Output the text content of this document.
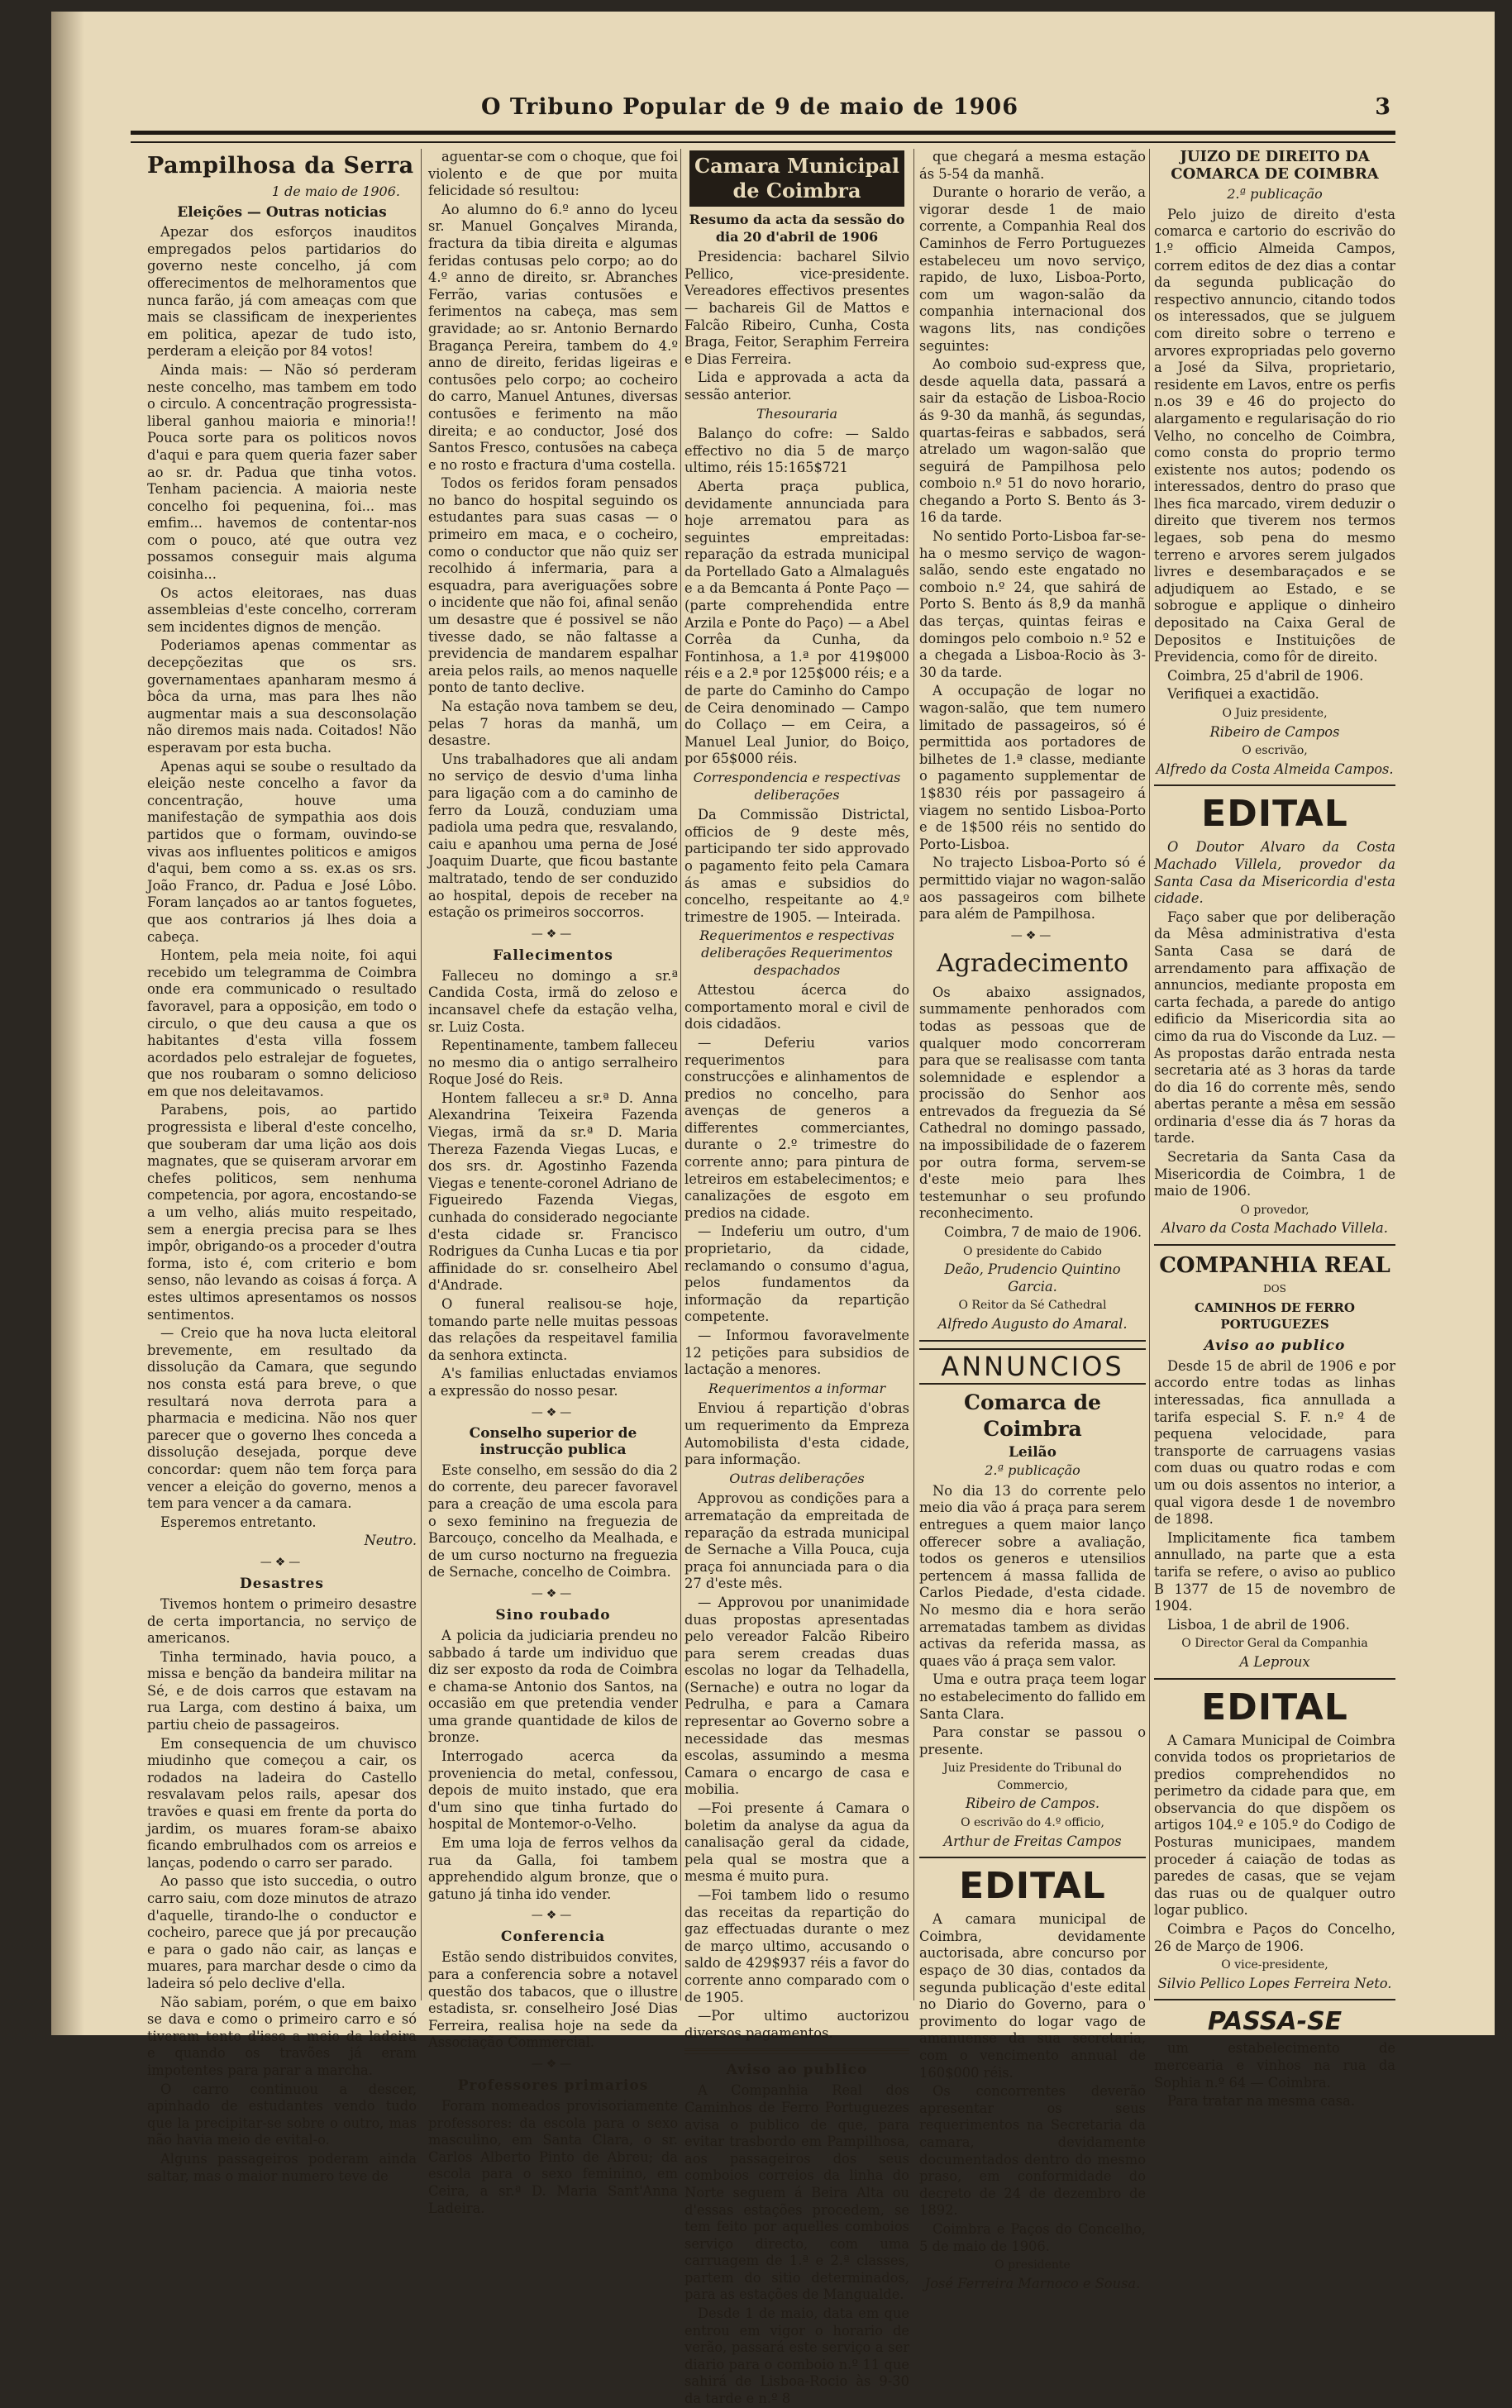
O Tribuno Popular de 9 de maio de 1906	3
Pampilhosa da Serra
1 de maio de 1906.
Eleições — Outras noticias

Apezar dos esforços inauditos empregados pelos partidarios do governo neste concelho, já com offerecimentos de melhoramentos que nunca farão, já com ameaças com que mais se classificam de inexperientes em politica, apezar de tudo isto, perderam a eleição por 84 votos!

Ainda mais: — Não só perderam neste concelho, mas tambem em todo o circulo. A concentração progressista-liberal ganhou maioria e minoria!! Pouca sorte para os politicos novos d'aqui e para quem queria fazer saber ao sr. dr. Padua que tinha votos. Tenham paciencia. A maioria neste concelho foi pequenina, foi... mas emfim... havemos de contentar-nos com o pouco, até que outra vez possamos conseguir mais alguma coisinha...

Os actos eleitoraes, nas duas assembleias d'este concelho, correram sem incidentes dignos de menção.

Poderiamos apenas commentar as decepçõezitas que os srs. governamentaes apanharam mesmo á bôca da urna, mas para lhes não augmentar mais a sua desconsolação não diremos mais nada. Coitados! Não esperavam por esta bucha.

Apenas aqui se soube o resultado da eleição neste concelho a favor da concentração, houve uma manifestação de sympathia aos dois partidos que o formam, ouvindo-se vivas aos influentes politicos e amigos d'aqui, bem como a ss. ex.as os srs. João Franco, dr. Padua e José Lôbo. Foram lançados ao ar tantos foguetes, que aos contrarios já lhes doia a cabeça.

Hontem, pela meia noite, foi aqui recebido um telegramma de Coimbra onde era communicado o resultado favoravel, para a opposição, em todo o circulo, o que deu causa a que os habitantes d'esta villa fossem acordados pelo estralejar de foguetes, que nos roubaram o somno delicioso em que nos deleitavamos.

Parabens, pois, ao partido progressista e liberal d'este concelho, que souberam dar uma lição aos dois magnates, que se quiseram arvorar em chefes politicos, sem nenhuma competencia, por agora, encostando-se a um velho, aliás muito respeitado, sem a energia precisa para se lhes impôr, obrigando-os a proceder d'outra forma, isto é, com criterio e bom senso, não levando as coisas á força. A estes ultimos apresentamos os nossos sentimentos.

— Creio que ha nova lucta eleitoral brevemente, em resultado da dissolução da Camara, que segundo nos consta está para breve, o que resultará nova derrota para a pharmacia e medicina. Não nos quer parecer que o governo lhes conceda a dissolução desejada, porque deve concordar: quem não tem força para vencer a eleição do governo, menos a tem para vencer a da camara.

Esperemos entretanto.

Neutro.
—❖—
Desastres

Tivemos hontem o primeiro desastre de certa importancia, no serviço de americanos.

Tinha terminado, havia pouco, a missa e benção da bandeira militar na Sé, e de dois carros que estavam na rua Larga, com destino á baixa, um partiu cheio de passageiros.

Em consequencia de um chuvisco miudinho que começou a cair, os rodados na ladeira do Castello resvalavam pelos rails, apesar dos travões e quasi em frente da porta do jardim, os muares foram-se abaixo ficando embrulhados com os arreios e lanças, podendo o carro ser parado.

Ao passo que isto succedia, o outro carro saiu, com doze minutos de atrazo d'aquelle, tirando-lhe o conductor e cocheiro, parece que já por precaução e para o gado não cair, as lanças e muares, para marchar desde o cimo da ladeira só pelo declive d'ella.

Não sabiam, porém, o que em baixo se dava e como o primeiro carro e só tiveram tento d'isso a meio da ladeira e quando os travões já eram impotentes para parar a marcha.

O carro continuou a descer, apinhado de estudantes vendo tudo que la precipitar-se sobre o outro, mas não havia meio de evital-o.

Alguns passageiros poderam ainda saltar, mas o maior numero teve de

aguentar-se com o choque, que foi violento e de que por muita felicidade só resultou:

Ao alumno do 6.º anno do lyceu sr. Manuel Gonçalves Miranda, fractura da tibia direita e algumas feridas contusas pelo corpo; ao do 4.º anno de direito, sr. Abranches Ferrão, varias contusões e ferimentos na cabeça, mas sem gravidade; ao sr. Antonio Bernardo Bragança Pereira, tambem do 4.º anno de direito, feridas ligeiras e contusões pelo corpo; ao cocheiro do carro, Manuel Antunes, diversas contusões e ferimento na mão direita; e ao conductor, José dos Santos Fresco, contusões na cabeça e no rosto e fractura d'uma costella.

Todos os feridos foram pensados no banco do hospital seguindo os estudantes para suas casas — o primeiro em maca, e o cocheiro, como o conductor que não quiz ser recolhido á infermaria, para a esquadra, para averiguações sobre o incidente que não foi, afinal senão um desastre que é possivel se não tivesse dado, se não faltasse a previdencia de mandarem espalhar areia pelos rails, ao menos naquelle ponto de tanto declive.

Na estação nova tambem se deu, pelas 7 horas da manhã, um desastre.

Uns trabalhadores que ali andam no serviço de desvio d'uma linha para ligação com a do caminho de ferro da Louzã, conduziam uma padiola uma pedra que, resvalando, caiu e apanhou uma perna de José Joaquim Duarte, que ficou bastante maltratado, tendo de ser conduzido ao hospital, depois de receber na estação os primeiros soccorros.

—❖—
Fallecimentos

Falleceu no domingo a sr.ª Candida Costa, irmã do zeloso e incansavel chefe da estação velha, sr. Luiz Costa.

Repentinamente, tambem falleceu no mesmo dia o antigo serralheiro Roque José do Reis.

Hontem falleceu a sr.ª D. Anna Alexandrina Teixeira Fazenda Viegas, irmã da sr.ª D. Maria Thereza Fazenda Viegas Lucas, e dos srs. dr. Agostinho Fazenda Viegas e tenente-coronel Adriano de Figueiredo Fazenda Viegas, cunhada do considerado negociante d'esta cidade sr. Francisco Rodrigues da Cunha Lucas e tia por affinidade do sr. conselheiro Abel d'Andrade.

O funeral realisou-se hoje, tomando parte nelle muitas pessoas das relações da respeitavel familia da senhora extincta.

A's familias enluctadas enviamos a expressão do nosso pesar.

—❖—
Conselho superior de instrucção publica

Este conselho, em sessão do dia 2 do corrente, deu parecer favoravel para a creação de uma escola para o sexo feminino na freguezia de Barcouço, concelho da Mealhada, e de um curso nocturno na freguezia de Sernache, concelho de Coimbra.

—❖—
Sino roubado

A policia da judiciaria prendeu no sabbado á tarde um individuo que diz ser exposto da roda de Coimbra e chama-se Antonio dos Santos, na occasião em que pretendia vender uma grande quantidade de kilos de bronze.

Interrogado acerca da proveniencia do metal, confessou, depois de muito instado, que era d'um sino que tinha furtado do hospital de Montemor-o-Velho.

Em uma loja de ferros velhos da rua da Galla, foi tambem apprehendido algum bronze, que o gatuno já tinha ido vender.

—❖—
Conferencia

Estão sendo distribuidos convites, para a conferencia sobre a notavel questão dos tabacos, que o illustre estadista, sr. conselheiro José Dias Ferreira, realisa hoje na sede da Associação Commercial.

—❖—
Professores primarios

Foram nomeados provisoriamente professores: da escola para o sexo masculino, em Santa Clara, o sr. Carlos Alberto Pinto de Abreu; da escola para o sexo feminino, em Ceira, a sr.ª D. Maria Sant'Anna Ladeira.

Camara Municipal de Coimbra
Resumo da acta da sessão do dia 20 d'abril de 1906

Presidencia: bacharel Silvio Pellico, vice-presidente. Vereadores effectivos presentes — bachareis Gil de Mattos e Falcão Ribeiro, Cunha, Costa Braga, Feitor, Seraphim Ferreira e Dias Ferreira.

Lida e approvada a acta da sessão anterior.

Thesouraria

Balanço do cofre: — Saldo effectivo no dia 5 de março ultimo, réis 15:165$721

Aberta praça publica, devidamente annunciada para hoje arrematou para as seguintes empreitadas: reparação da estrada municipal da Portellado Gato a Almalaguês e a da Bemcanta á Ponte Paço — (parte comprehendida entre Arzila e Ponte do Paço) — a Abel Corrêa da Cunha, da Fontinhosa, a 1.ª por 419$000 réis e a 2.ª por 125$000 réis; e a de parte do Caminho do Campo de Ceira denominado — Campo do Collaço — em Ceira, a Manuel Leal Junior, do Boiço, por 65$000 réis.

Correspondencia e respectivas deliberações

Da Commissão Districtal, officios de 9 deste mês, participando ter sido approvado o pagamento feito pela Camara ás amas e subsidios do concelho, respeitante ao 4.º trimestre de 1905. — Inteirada.

Requerimentos e respectivas deliberações Requerimentos despachados

Attestou ácerca do comportamento moral e civil de dois cidadãos.

— Deferiu varios requerimentos para construcções e alinhamentos de predios no concelho, para avenças de generos a differentes commerciantes, durante o 2.º trimestre do corrente anno; para pintura de letreiros em estabelecimentos; e canalizações de esgoto em predios na cidade.

— Indeferiu um outro, d'um proprietario, da cidade, reclamando o consumo d'agua, pelos fundamentos da informação da repartição competente.

— Informou favoravelmente 12 petições para subsidios de lactação a menores.

Requerimentos a informar

Enviou á repartição d'obras um requerimento da Empreza Automobilista d'esta cidade, para informação.

Outras deliberações

Approvou as condições para a arrematação da empreitada de reparação da estrada municipal de Sernache a Villa Pouca, cuja praça foi annunciada para o dia 27 d'este mês.

— Approvou por unanimidade duas propostas apresentadas pelo vereador Falcão Ribeiro para serem creadas duas escolas no logar da Telhadella, (Sernache) e outra no logar da Pedrulha, e para a Camara representar ao Governo sobre a necessidade das mesmas escolas, assumindo a mesma Camara o encargo de casa e mobilia.

—Foi presente á Camara o boletim da analyse da agua da canalisação geral da cidade, pela qual se mostra que a mesma é muito pura.

—Foi tambem lido o resumo das receitas da repartição do gaz effectuadas durante o mez de março ultimo, accusando o saldo de 429$937 réis a favor do corrente anno comparado com o de 1905.

—Por ultimo auctorizou diversos pagamentos.

Aviso ao publico

A Companhia Real dos Caminhos de Ferro Portuguezes avisa o publico de que, para evitar trasbordo em Pampilhosa, aos passageiros dos seus comboios correios da linha do Norte seguem á Beira Alta ou d'essas estações procedem, se tem feito por aquelles comboios serviço directo, com uma carruagem de 1.ª e 2.ª classes, partem do sitio determinados, para as estações de Mangualde.

Desde 1 de maio, data em que entrou em vigor o horario de verão, passará este serviço a ser diario para o comboio n.º 11 que sahirá de Lisboa-Rocio às 9-30 da tarde e n.º 8

que chegará a mesma estação ás 5-54 da manhã.

Durante o horario de verão, a vigorar desde 1 de maio corrente, a Companhia Real dos Caminhos de Ferro Portuguezes estabeleceu um novo serviço, rapido, de luxo, Lisboa-Porto, com um wagon-salão da companhia internacional dos wagons lits, nas condições seguintes:

Ao comboio sud-express que, desde aquella data, passará a sair da estação de Lisboa-Rocio ás 9-30 da manhã, ás segundas, quartas-feiras e sabbados, será atrelado um wagon-salão que seguirá de Pampilhosa pelo comboio n.º 51 do novo horario, chegando a Porto S. Bento ás 3-16 da tarde.

No sentido Porto-Lisboa far-se-ha o mesmo serviço de wagon-salão, sendo este engatado no comboio n.º 24, que sahirá de Porto S. Bento ás 8,9 da manhã das terças, quintas feiras e domingos pelo comboio n.º 52 e a chegada a Lisboa-Rocio às 3-30 da tarde.

A occupação de logar no wagon-salão, que tem numero limitado de passageiros, só é permittida aos portadores de bilhetes de 1.ª classe, mediante o pagamento supplementar de 1$830 réis por passageiro á viagem no sentido Lisboa-Porto e de 1$500 réis no sentido do Porto-Lisboa.

No trajecto Lisboa-Porto só é permittido viajar no wagon-salão aos passageiros com bilhete para além de Pampilhosa.

—❖—
Agradecimento

Os abaixo assignados, summamente penhorados com todas as pessoas que de qualquer modo concorreram para que se realisasse com tanta solemnidade e esplendor a procissão do Senhor aos entrevados da freguezia da Sé Cathedral no domingo passado, na impossibilidade de o fazerem por outra forma, servem-se d'este meio para lhes testemunhar o seu profundo reconhecimento.

Coimbra, 7 de maio de 1906.

O presidente do Cabido
Deão, Prudencio Quintino Garcia.
O Reitor da Sé Cathedral
Alfredo Augusto do Amaral.
ANNUNCIOS
Comarca de Coimbra
Leilão
2.ª publicação

No dia 13 do corrente pelo meio dia vão á praça para serem entregues a quem maior lanço offerecer sobre a avaliação, todos os generos e utensilios pertencem á massa fallida de Carlos Piedade, d'esta cidade. No mesmo dia e hora serão arrematadas tambem as dividas activas da referida massa, as quaes vão á praça sem valor.

Uma e outra praça teem logar no estabelecimento do fallido em Santa Clara.

Para constar se passou o presente.

Juiz Presidente do Tribunal do Commercio,
Ribeiro de Campos.
O escrivão do 4.º officio,
Arthur de Freitas Campos
EDITAL

A camara municipal de Coimbra, devidamente auctorisada, abre concurso por espaço de 30 dias, contados da segunda publicação d'este edital no Diario do Governo, para o provimento do logar vago de amanuense da sua secretaria, com o vencimento annual de 160$000 réis.

Os concorrentes deverão apresentar os seus requerimentos na Secretaria da camara, devidamente documentados dentro do mesmo praso, em conformidade do decreto de 24 de dezembro de 1892.

Coimbra e Paços do Concelho, 5 de maio de 1906.

O presidente
José Ferreira Marnoco e Sousa.
JUIZO DE DIREITO DA COMARCA DE COIMBRA
2.ª publicação

Pelo juizo de direito d'esta comarca e cartorio do escrivão do 1.º officio Almeida Campos, correm editos de dez dias a contar da segunda publicação do respectivo annuncio, citando todos os interessados, que se julguem com direito sobre o terreno e arvores expropriadas pelo governo a José da Silva, proprietario, residente em Lavos, entre os perfis n.os 39 e 46 do projecto do alargamento e regularisação do rio Velho, no concelho de Coimbra, como consta do proprio termo existente nos autos; podendo os interessados, dentro do praso que lhes fica marcado, virem deduzir o direito que tiverem nos termos legaes, sob pena do mesmo terreno e arvores serem julgados livres e desembaraçados e se adjudiquem ao Estado, e se sobrogue e applique o dinheiro depositado na Caixa Geral de Depositos e Instituições de Previdencia, como fôr de direito.

Coimbra, 25 d'abril de 1906.

Verifiquei a exactidão.

O Juiz presidente,
Ribeiro de Campos
O escrivão,
Alfredo da Costa Almeida Campos.
EDITAL

O Doutor Alvaro da Costa Machado Villela, provedor da Santa Casa da Misericordia d'esta cidade.

Faço saber que por deliberação da Mêsa administrativa d'esta Santa Casa se dará de arrendamento para affixação de annuncios, mediante proposta em carta fechada, a parede do antigo edificio da Misericordia sita ao cimo da rua do Visconde da Luz. — As propostas darão entrada nesta secretaria até as 3 horas da tarde do dia 16 do corrente mês, sendo abertas perante a mêsa em sessão ordinaria d'esse dia ás 7 horas da tarde.

Secretaria da Santa Casa da Misericordia de Coimbra, 1 de maio de 1906.

O provedor,
Alvaro da Costa Machado Villela.
COMPANHIA REAL
DOS
CAMINHOS DE FERRO PORTUGUEZES
Aviso ao publico

Desde 15 de abril de 1906 e por accordo entre todas as linhas interessadas, fica annullada a tarifa especial S. F. n.º 4 de pequena velocidade, para transporte de carruagens vasias com duas ou quatro rodas e com um ou dois assentos no interior, a qual vigora desde 1 de novembro de 1898.

Implicitamente fica tambem annullado, na parte que a esta tarifa se refere, o aviso ao publico B 1377 de 15 de novembro de 1904.

Lisboa, 1 de abril de 1906.

O Director Geral da Companhia
A Leproux
EDITAL

A Camara Municipal de Coimbra convida todos os proprietarios de predios comprehendidos no perimetro da cidade para que, em observancia do que dispõem os artigos 104.º e 105.º do Codigo de Posturas municipaes, mandem proceder á caiação de todas as paredes de casas, que se vejam das ruas ou de qualquer outro logar publico.

Coimbra e Paços do Concelho, 26 de Março de 1906.

O vice-presidente,
Silvio Pellico Lopes Ferreira Neto.
PASSA-SE

um estabelecimento de mercearia e vinhos na rua da Sophia n.º 64 — Coimbra.

Para tratar na mesma casa.
